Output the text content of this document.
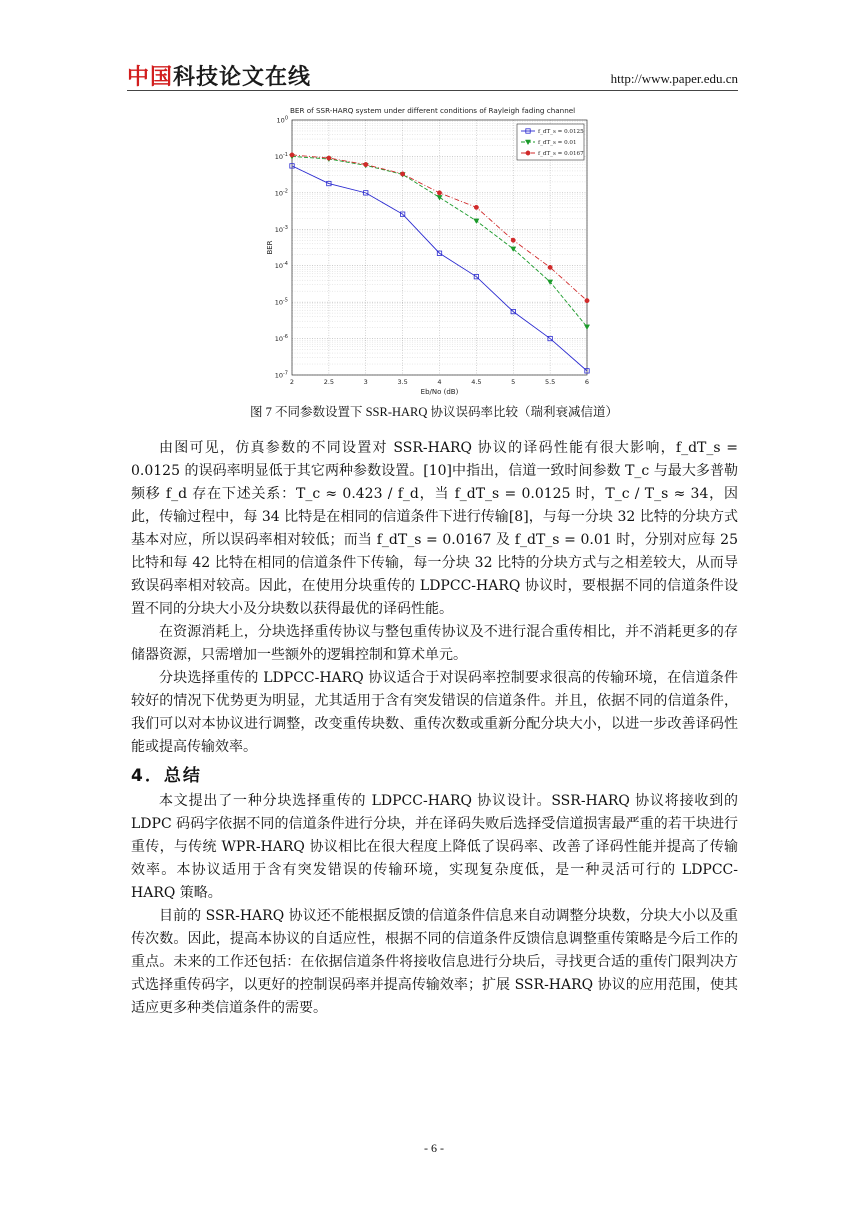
中国科技论文在线	http://www.paper.edu.cn
$10^0$
$10^{-1}$
$10^{-2}$
$10^{-3}$
$10^{-4}$
$10^{-5}$
$10^{-6}$
$10^{-7}$
2	2.5	3	3.5	4	4.5	5	5.5	6
BER of SSR-HARQ system under different conditions of Rayleigh fading channel
Eb/No (dB)
BER
f_dT_s = 0.0125
f_dT_s = 0.01
f_dT_s = 0.0167
图 7 不同参数设置下 SSR-HARQ 协议误码率比较（瑞利衰减信道）

由图可见，仿真参数的不同设置对 SSR-HARQ 协议的译码性能有很大影响，f_dT_s = 0.0125 的误码率明显低于其它两种参数设置。[10]中指出，信道一致时间参数 T_c 与最大多普勒频移 f_d 存在下述关系：T_c ≈ 0.423 / f_d，当 f_dT_s = 0.0125 时，T_c / T_s ≈ 34，因此，传输过程中，每 34 比特是在相同的信道条件下进行传输[8]，与每一分块 32 比特的分块方式基本对应，所以误码率相对较低；而当 f_dT_s = 0.0167 及 f_dT_s = 0.01 时，分别对应每 25 比特和每 42 比特在相同的信道条件下传输，每一分块 32 比特的分块方式与之相差较大，从而导致误码率相对较高。因此，在使用分块重传的 LDPCC-HARQ 协议时，要根据不同的信道条件设置不同的分块大小及分块数以获得最优的译码性能。

在资源消耗上，分块选择重传协议与整包重传协议及不进行混合重传相比，并不消耗更多的存储器资源，只需增加一些额外的逻辑控制和算术单元。

分块选择重传的 LDPCC-HARQ 协议适合于对误码率控制要求很高的传输环境，在信道条件较好的情况下优势更为明显，尤其适用于含有突发错误的信道条件。并且，依据不同的信道条件，我们可以对本协议进行调整，改变重传块数、重传次数或重新分配分块大小，以进一步改善译码性能或提高传输效率。

4．总结

本文提出了一种分块选择重传的 LDPCC-HARQ 协议设计。SSR-HARQ 协议将接收到的 LDPC 码码字依据不同的信道条件进行分块，并在译码失败后选择受信道损害最严重的若干块进行重传，与传统 WPR-HARQ 协议相比在很大程度上降低了误码率、改善了译码性能并提高了传输效率。本协议适用于含有突发错误的传输环境，实现复杂度低，是一种灵活可行的 LDPCC-HARQ 策略。

目前的 SSR-HARQ 协议还不能根据反馈的信道条件信息来自动调整分块数，分块大小以及重传次数。因此，提高本协议的自适应性，根据不同的信道条件反馈信息调整重传策略是今后工作的重点。未来的工作还包括：在依据信道条件将接收信息进行分块后，寻找更合适的重传门限判决方式选择重传码字，以更好的控制误码率并提高传输效率；扩展 SSR-HARQ 协议的应用范围，使其适应更多种类信道条件的需要。

- 6 -
